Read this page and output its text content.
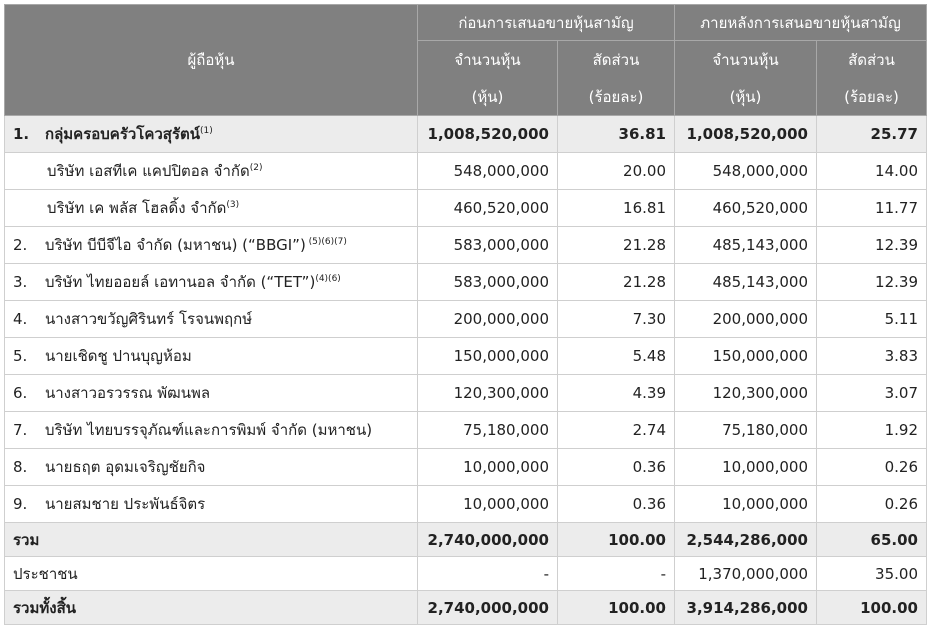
ผู้ถือหุ้น	ก่อนการเสนอขายหุ้นสามัญ		ภายหลังการเสนอขายหุ้นสามัญ	
	จำนวนหุ้น	สัดส่วน	จำนวนหุ้น	สัดส่วน
	(หุ้น)	(ร้อยละ)	(หุ้น)	(ร้อยละ)
1. กลุ่มครอบครัวโควสุรัตน์$^{(1)}$	1,008,520,000	36.81	1,008,520,000	25.77
บริษัท เอสทีเค แคปปิตอล จำกัด$^{(2)}$	548,000,000	20.00	548,000,000	14.00
บริษัท เค พลัส โฮลดิ้ง จำกัด$^{(3)}$	460,520,000	16.81	460,520,000	11.77
2. บริษัท บีบีจีไอ จำกัด (มหาชน) (“BBGI”) $^{(5)(6)(7)}$	583,000,000	21.28	485,143,000	12.39
3. บริษัท ไทยออยล์ เอทานอล จำกัด (“TET”)$^{(4)(6)}$	583,000,000	21.28	485,143,000	12.39
4. นางสาวขวัญศิรินทร์ โรจนพฤกษ์	200,000,000	7.30	200,000,000	5.11
5. นายเชิดชู ปานบุญห้อม	150,000,000	5.48	150,000,000	3.83
6. นางสาวอรวรรณ พัฒนพล	120,300,000	4.39	120,300,000	3.07
7. บริษัท ไทยบรรจุภัณฑ์และการพิมพ์ จำกัด (มหาชน)	75,180,000	2.74	75,180,000	1.92
8. นายธฤต อุดมเจริญชัยกิจ	10,000,000	0.36	10,000,000	0.26
9. นายสมชาย ประพันธ์จิตร	10,000,000	0.36	10,000,000	0.26
รวม	2,740,000,000	100.00	2,544,286,000	65.00
ประชาชน	-	-	1,370,000,000	35.00
รวมทั้งสิ้น	2,740,000,000	100.00	3,914,286,000	100.00
